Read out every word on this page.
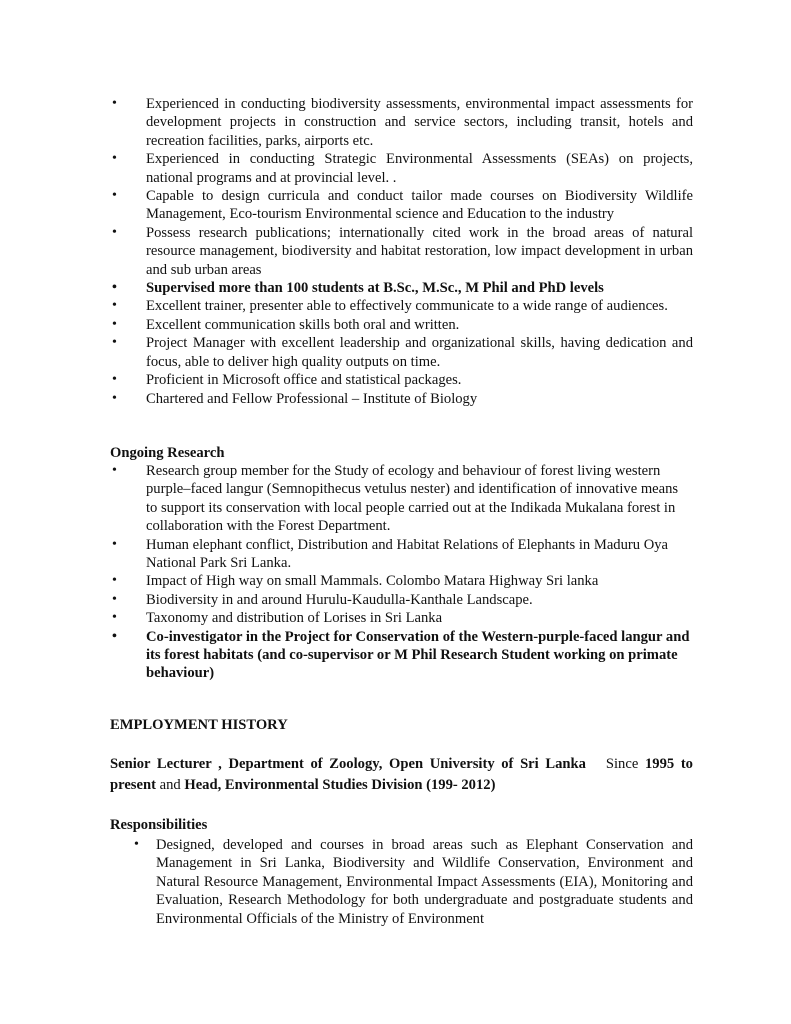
• Experienced in conducting biodiversity assessments, environmental impact assessments for development projects in construction and service sectors, including transit, hotels and recreation facilities, parks, airports etc.
• Experienced in conducting Strategic Environmental Assessments (SEAs) on projects, national programs and at provincial level. .
• Capable to design curricula and conduct tailor made courses on Biodiversity Wildlife Management, Eco-tourism Environmental science and Education to the industry
• Possess research publications; internationally cited work in the broad areas of natural resource management, biodiversity and habitat restoration, low impact development in urban and sub urban areas
• Supervised more than 100 students at B.Sc., M.Sc., M Phil and PhD levels
• Excellent trainer, presenter able to effectively communicate to a wide range of audiences.
• Excellent communication skills both oral and written.
• Project Manager with excellent leadership and organizational skills, having dedication and focus, able to deliver high quality outputs on time.
• Proficient in Microsoft office and statistical packages.
• Chartered and Fellow Professional – Institute of Biology
Ongoing Research
• Research group member for the Study of ecology and behaviour of forest living western purple–faced langur (Semnopithecus vetulus nester) and identification of innovative means to support its conservation with local people carried out at the Indikada Mukalana forest in collaboration with the Forest Department.
• Human elephant conflict, Distribution and Habitat Relations of Elephants in Maduru Oya National Park Sri Lanka.
• Impact of High way on small Mammals. Colombo Matara Highway Sri lanka
• Biodiversity in and around Hurulu-Kaudulla-Kanthale Landscape.
• Taxonomy and distribution of Lorises in Sri Lanka
• Co-investigator in the Project for Conservation of the Western-purple-faced langur and its forest habitats (and co-supervisor or M Phil Research Student working on primate behaviour)
EMPLOYMENT HISTORY
Senior Lecturer , Department of Zoology, Open University of Sri Lanka Since 1995 to present and Head, Environmental Studies Division (199- 2012)
Responsibilities
• Designed, developed and courses in broad areas such as Elephant Conservation and Management in Sri Lanka, Biodiversity and Wildlife Conservation, Environment and Natural Resource Management, Environmental Impact Assessments (EIA), Monitoring and Evaluation, Research Methodology for both undergraduate and postgraduate students and Environmental Officials of the Ministry of Environment
